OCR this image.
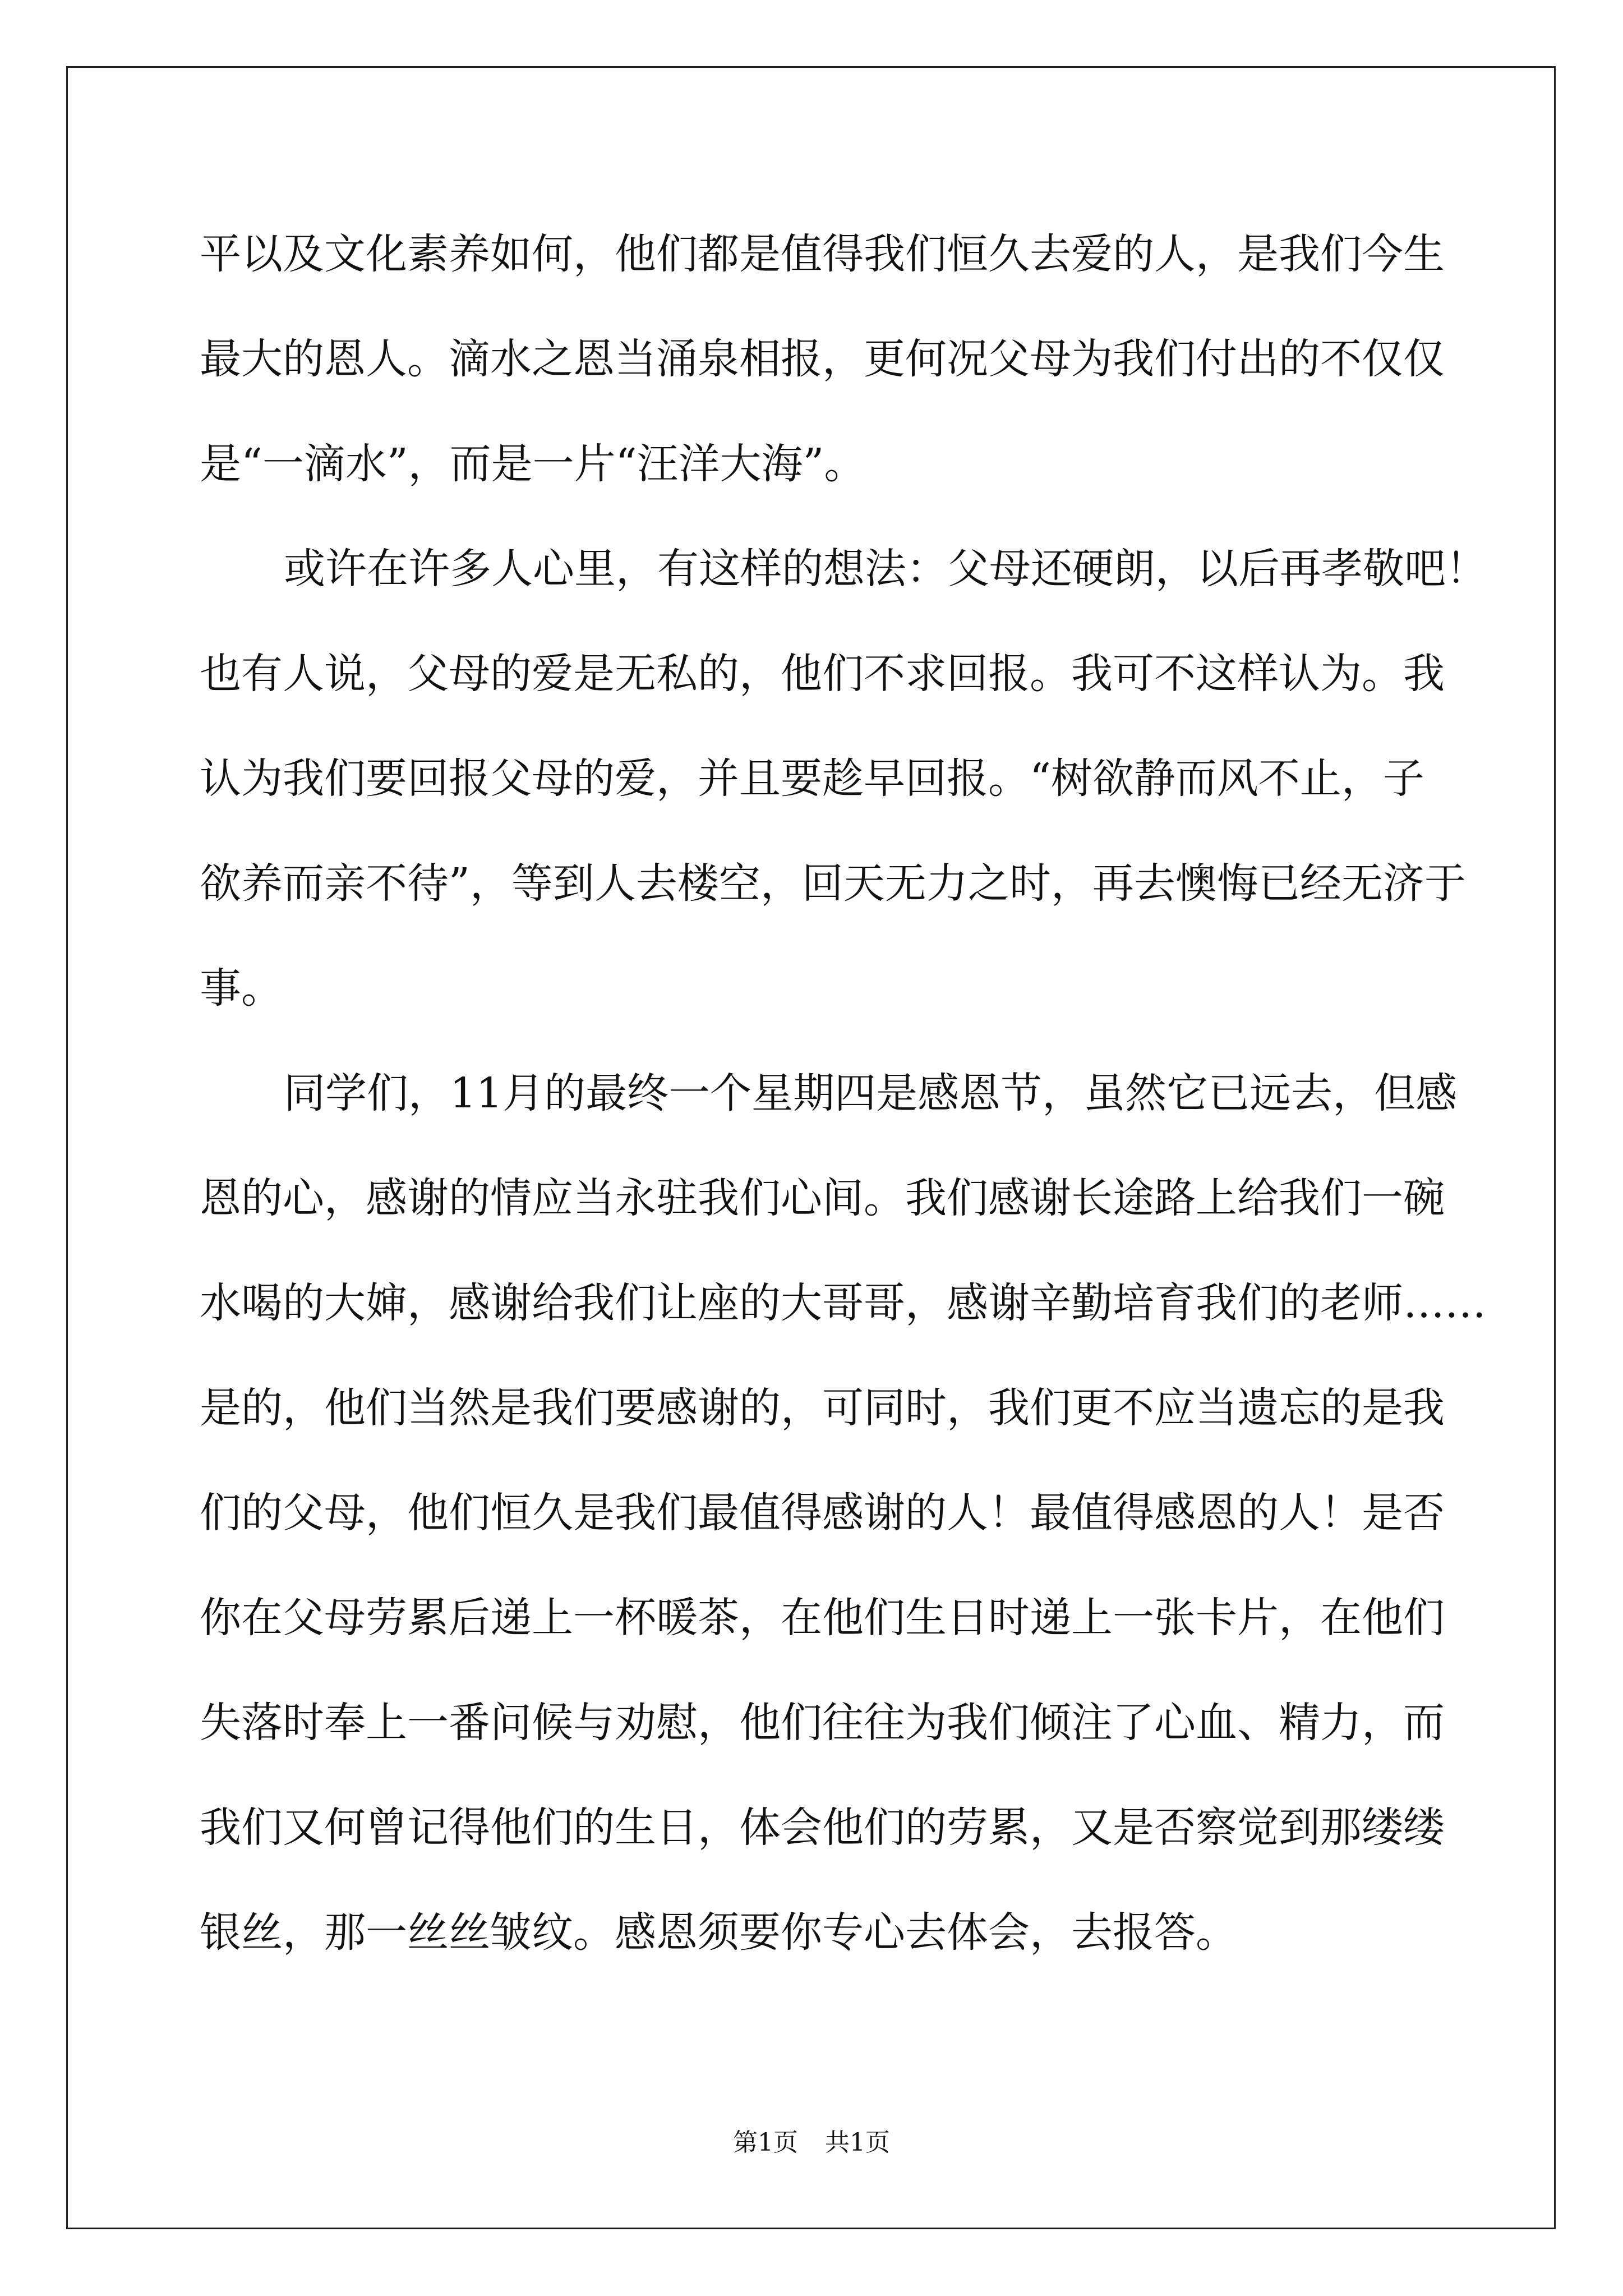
平以及文化素养如何，他们都是值得我们恒久去爱的人，是我们今生
最大的恩人。滴水之恩当涌泉相报，更何况父母为我们付出的不仅仅
是“一滴水”，而是一片“汪洋大海”。
或许在许多人心里，有这样的想法：父母还硬朗，以后再孝敬吧！
也有人说，父母的爱是无私的，他们不求回报。我可不这样认为。我
认为我们要回报父母的爱，并且要趁早回报。“树欲静而风不止，子
欲养而亲不待”，等到人去楼空，回天无力之时，再去懊悔已经无济于
事。
同学们，11月的最终一个星期四是感恩节，虽然它已远去，但感
恩的心，感谢的情应当永驻我们心间。我们感谢长途路上给我们一碗
水喝的大婶，感谢给我们让座的大哥哥，感谢辛勤培育我们的老师……
是的，他们当然是我们要感谢的，可同时，我们更不应当遗忘的是我
们的父母，他们恒久是我们最值得感谢的人！最值得感恩的人！是否
你在父母劳累后递上一杯暖茶，在他们生日时递上一张卡片，在他们
失落时奉上一番问候与劝慰，他们往往为我们倾注了心血、精力，而
我们又何曾记得他们的生日，体会他们的劳累，又是否察觉到那缕缕
银丝，那一丝丝皱纹。感恩须要你专心去体会，去报答。
第1页 共1页
